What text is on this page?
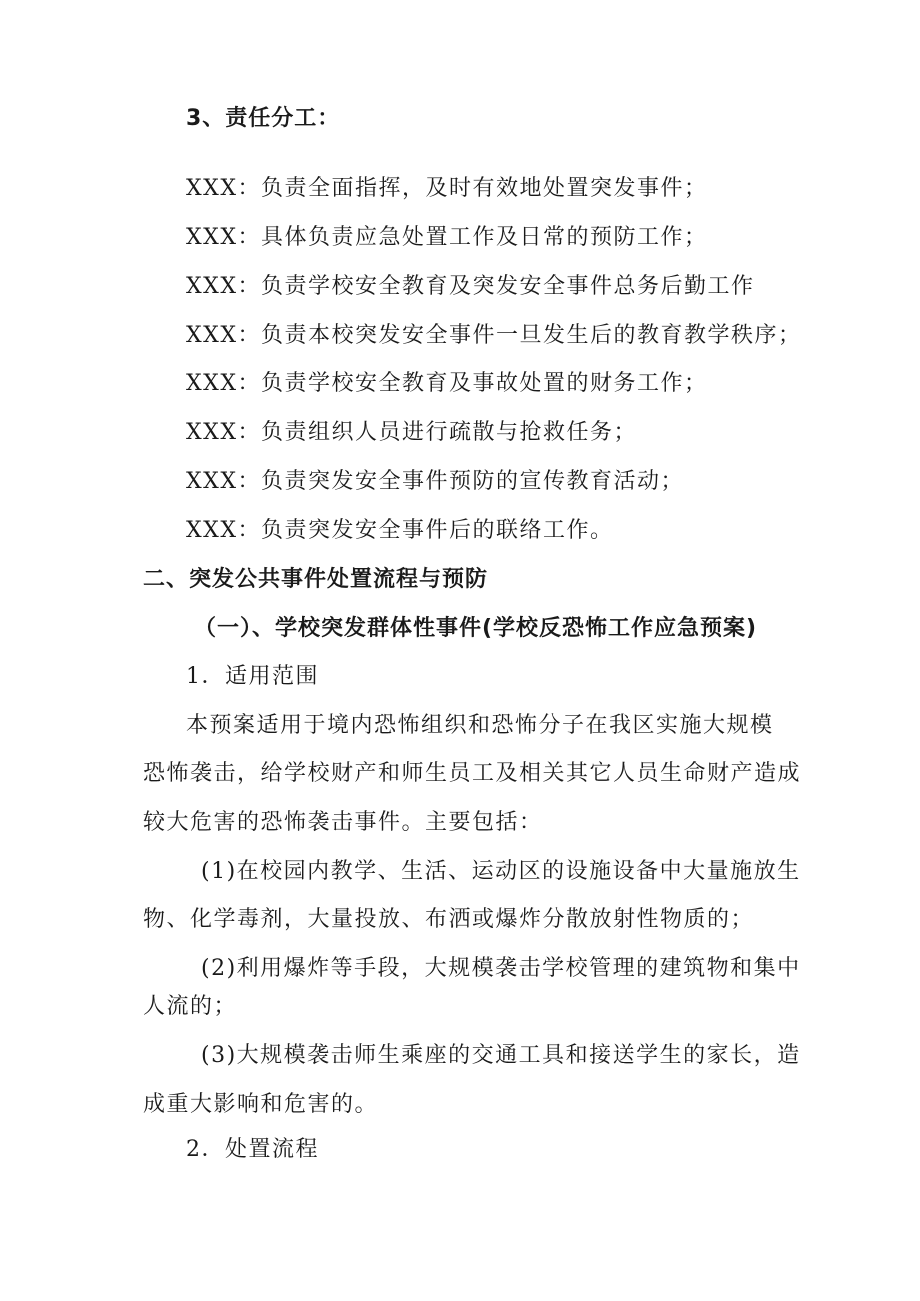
3、责任分工：
XXX：负责全面指挥，及时有效地处置突发事件；
XXX：具体负责应急处置工作及日常的预防工作；
XXX：负责学校安全教育及突发安全事件总务后勤工作
XXX：负责本校突发安全事件一旦发生后的教育教学秩序；
XXX：负责学校安全教育及事故处置的财务工作；
XXX：负责组织人员进行疏散与抢救任务；
XXX：负责突发安全事件预防的宣传教育活动；
XXX：负责突发安全事件后的联络工作。
二、突发公共事件处置流程与预防
（一）、学校突发群体性事件(学校反恐怖工作应急预案)
1．适用范围
本预案适用于境内恐怖组织和恐怖分子在我区实施大规模
恐怖袭击，给学校财产和师生员工及相关其它人员生命财产造成
较大危害的恐怖袭击事件。主要包括：
(1)在校园内教学、生活、运动区的设施设备中大量施放生
物、化学毒剂，大量投放、布洒或爆炸分散放射性物质的；
(2)利用爆炸等手段，大规模袭击学校管理的建筑物和集中
人流的；
(3)大规模袭击师生乘座的交通工具和接送学生的家长，造
成重大影响和危害的。
2．处置流程
